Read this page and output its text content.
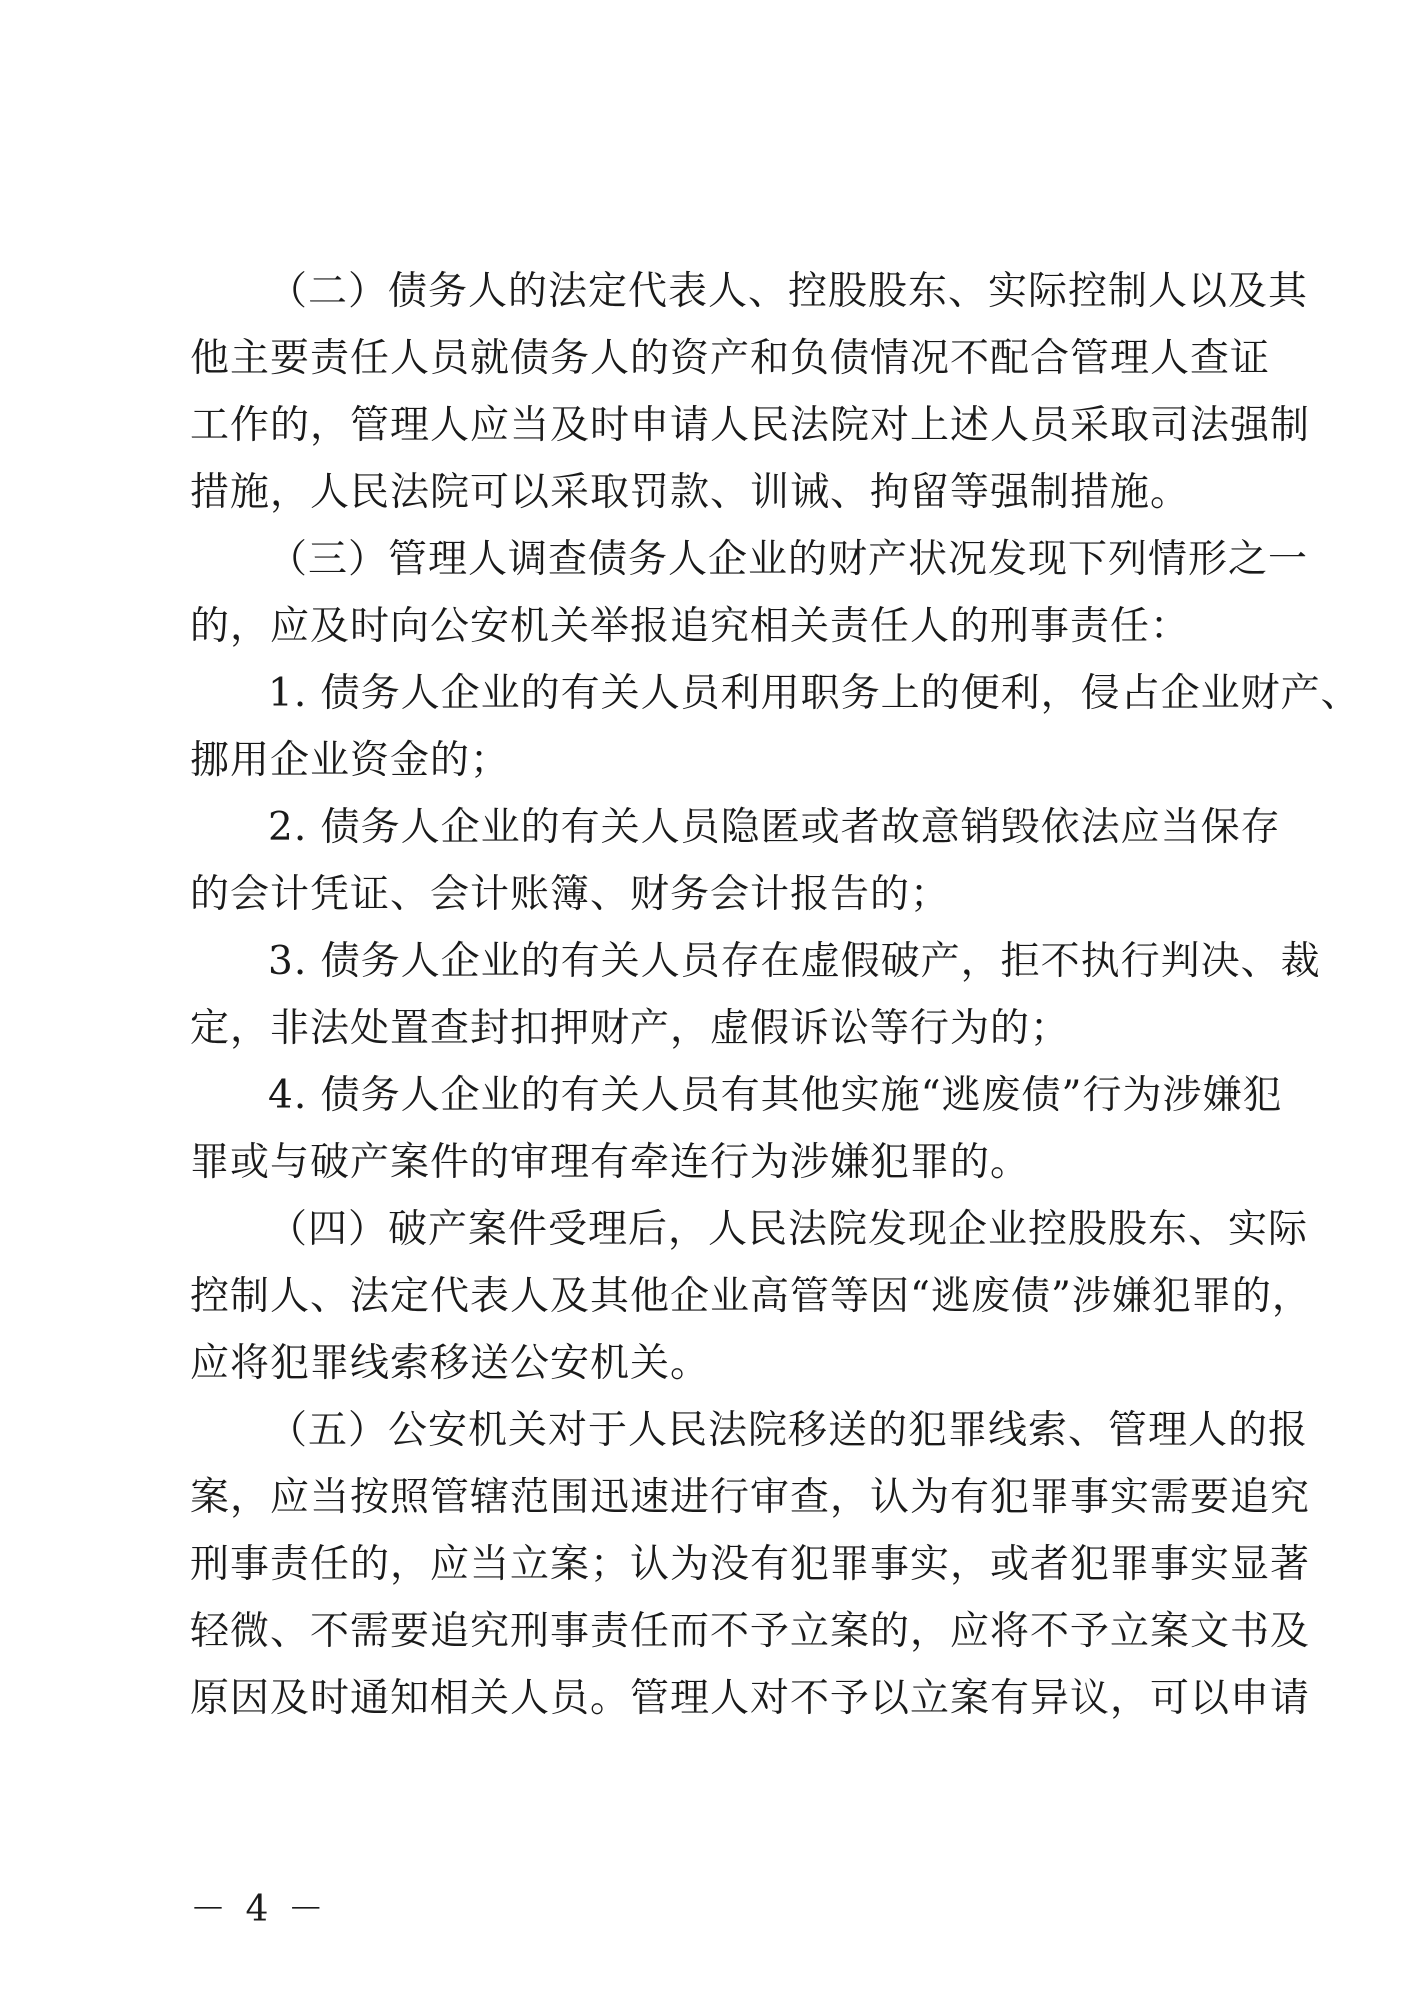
（二）债务人的法定代表人、控股股东、实际控制人以及其
他主要责任人员就债务人的资产和负债情况不配合管理人查证
工作的，管理人应当及时申请人民法院对上述人员采取司法强制
措施，人民法院可以采取罚款、训诫、拘留等强制措施。

（三）管理人调查债务人企业的财产状况发现下列情形之一
的，应及时向公安机关举报追究相关责任人的刑事责任：

1. 债务人企业的有关人员利用职务上的便利，侵占企业财产、
挪用企业资金的；

2. 债务人企业的有关人员隐匿或者故意销毁依法应当保存
的会计凭证、会计账簿、财务会计报告的；

3. 债务人企业的有关人员存在虚假破产，拒不执行判决、裁
定，非法处置查封扣押财产，虚假诉讼等行为的；

4. 债务人企业的有关人员有其他实施“逃废债”行为涉嫌犯
罪或与破产案件的审理有牵连行为涉嫌犯罪的。

（四）破产案件受理后，人民法院发现企业控股股东、实际
控制人、法定代表人及其他企业高管等因“逃废债”涉嫌犯罪的，
应将犯罪线索移送公安机关。

（五）公安机关对于人民法院移送的犯罪线索、管理人的报
案，应当按照管辖范围迅速进行审查，认为有犯罪事实需要追究
刑事责任的，应当立案；认为没有犯罪事实，或者犯罪事实显著
轻微、不需要追究刑事责任而不予立案的，应将不予立案文书及
原因及时通知相关人员。管理人对不予以立案有异议，可以申请

－ 4 －
